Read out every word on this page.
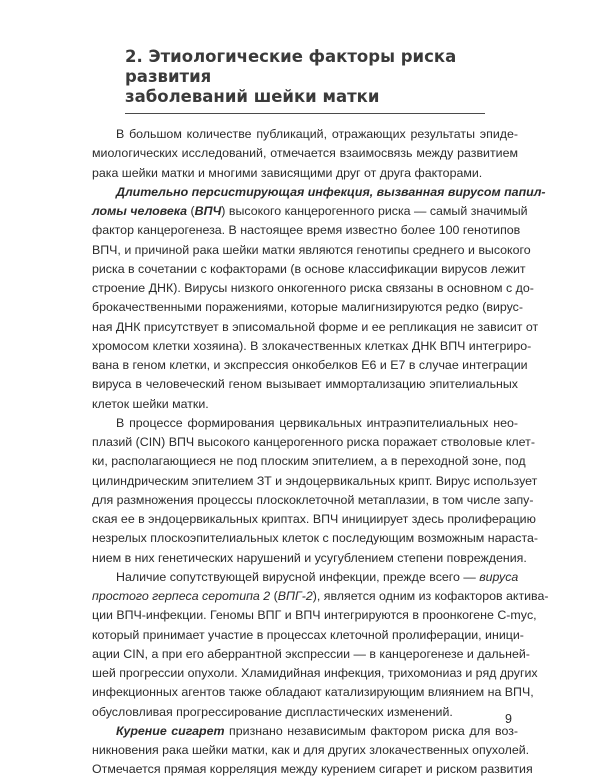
2. Этиологические факторы риска развития
заболеваний шейки матки

В большом количестве публикаций, отражающих результаты эпиде-
миологических исследований, отмечается взаимосвязь между развитием
рака шейки матки и многими зависящими друг от друга факторами.

Длительно персистирующая инфекция, вызванная вирусом папил-
ломы человека (ВПЧ) высокого канцерогенного риска — самый значимый
фактор канцерогенеза. В настоящее время известно более 100 генотипов
ВПЧ, и причиной рака шейки матки являются генотипы среднего и высокого
риска в сочетании с кофакторами (в основе классификации вирусов лежит
строение ДНК). Вирусы низкого онкогенного риска связаны в основном с до-
брокачественными поражениями, которые малигнизируются редко (вирус-
ная ДНК присутствует в эписомальной форме и ее репликация не зависит от
хромосом клетки хозяина). В злокачественных клетках ДНК ВПЧ интегриро-
вана в геном клетки, и экспрессия онкобелков Е6 и Е7 в случае интеграции
вируса в человеческий геном вызывает иммортализацию эпителиальных
клеток шейки матки.

В процессе формирования цервикальных интраэпителиальных нео-
плазий (CIN) ВПЧ высокого канцерогенного риска поражает стволовые клет-
ки, располагающиеся не под плоским эпителием, а в переходной зоне, под
цилиндрическим эпителием ЗТ и эндоцервикальных крипт. Вирус использует
для размножения процессы плоскоклеточной метаплазии, в том числе запу-
ская ее в эндоцервикальных криптах. ВПЧ инициирует здесь пролиферацию
незрелых плоскоэпителиальных клеток с последующим возможным нараста-
нием в них генетических нарушений и усугублением степени повреждения.

Наличие сопутствующей вирусной инфекции, прежде всего — вируса
простого герпеса серотипа 2 (ВПГ-2), является одним из кофакторов актива-
ции ВПЧ-инфекции. Геномы ВПГ и ВПЧ интегрируются в проонкогене C-myc,
который принимает участие в процессах клеточной пролиферации, иници-
ации CIN, а при его аберрантной экспрессии — в канцерогенезе и дальней-
шей прогрессии опухоли. Хламидийная инфекция, трихомониаз и ряд других
инфекционных агентов также обладают катализирующим влиянием на ВПЧ,
обусловливая прогрессирование диспластических изменений.

Курение сигарет признано независимым фактором риска для воз-
никновения рака шейки матки, как и для других злокачественных опухолей.
Отмечается прямая корреляция между курением сигарет и риском развития

9
